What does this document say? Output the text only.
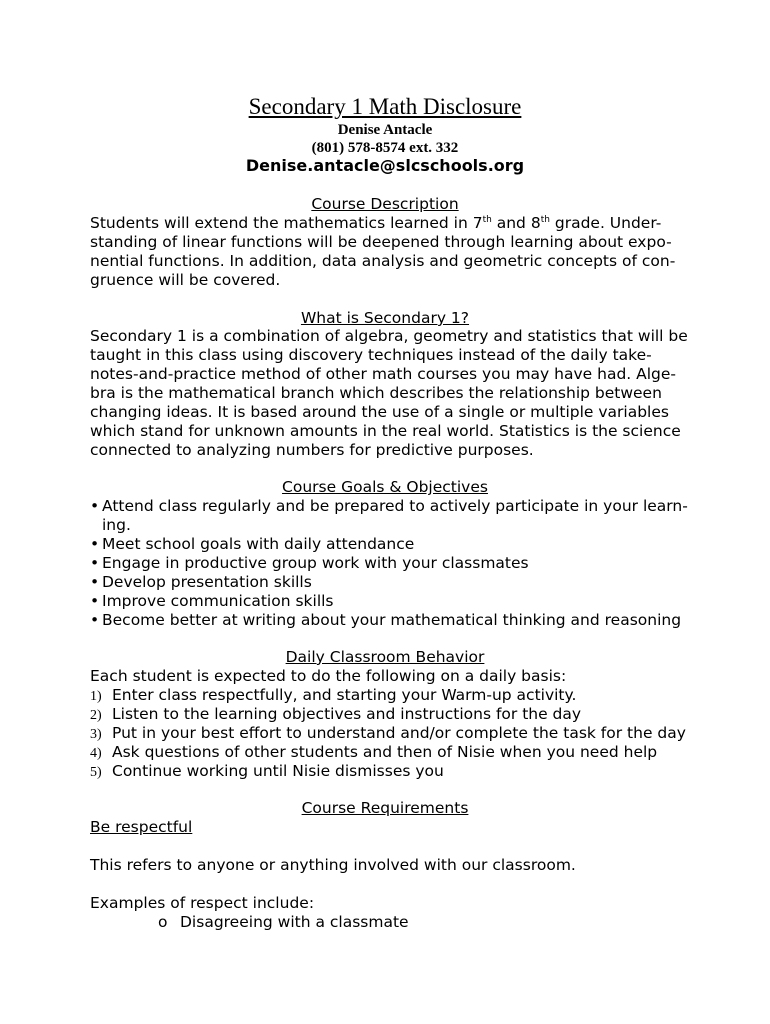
Secondary 1 Math Disclosure
Denise Antacle
(801) 578-8574 ext. 332
Denise.antacle@slcschools.org
Course Description
Students will extend the mathematics learned in 7th and 8th grade. Under-
standing of linear functions will be deepened through learning about expo-
nential functions. In addition, data analysis and geometric concepts of con-
gruence will be covered.
What is Secondary 1?
Secondary 1 is a combination of algebra, geometry and statistics that will be
taught in this class using discovery techniques instead of the daily take-
notes-and-practice method of other math courses you may have had. Alge-
bra is the mathematical branch which describes the relationship between
changing ideas. It is based around the use of a single or multiple variables
which stand for unknown amounts in the real world. Statistics is the science
connected to analyzing numbers for predictive purposes.
Course Goals & Objectives
• Attend class regularly and be prepared to actively participate in your learn-
ing.
• Meet school goals with daily attendance
• Engage in productive group work with your classmates
• Develop presentation skills
• Improve communication skills
• Become better at writing about your mathematical thinking and reasoning
Daily Classroom Behavior
Each student is expected to do the following on a daily basis:
1) Enter class respectfully, and starting your Warm-up activity.
2) Listen to the learning objectives and instructions for the day
3) Put in your best effort to understand and/or complete the task for the day
4) Ask questions of other students and then of Nisie when you need help
5) Continue working until Nisie dismisses you
Course Requirements
Be respectful
This refers to anyone or anything involved with our classroom.
Examples of respect include:
o Disagreeing with a classmate
